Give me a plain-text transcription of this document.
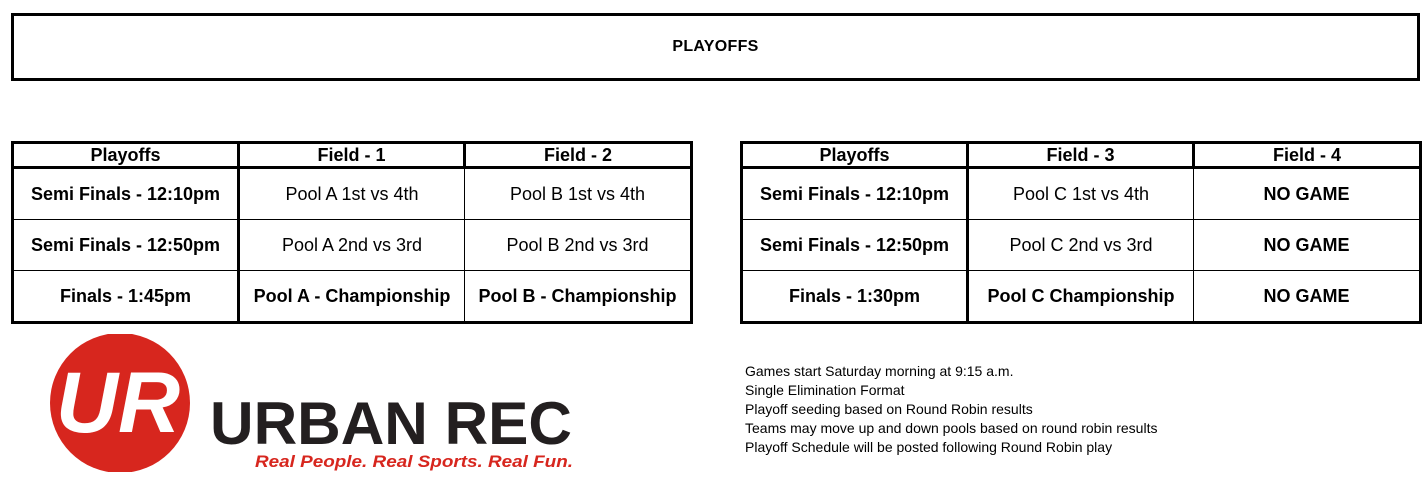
PLAYOFFS
Playoffs	Field - 1	Field - 2
Semi Finals - 12:10pm	Pool A 1st vs 4th	Pool B 1st vs 4th
Semi Finals - 12:50pm	Pool A 2nd vs 3rd	Pool B 2nd vs 3rd
Finals - 1:45pm	Pool A - Championship	Pool B - Championship
Playoffs	Field - 3	Field - 4
Semi Finals - 12:10pm	Pool C 1st vs 4th	NO GAME
Semi Finals - 12:50pm	Pool C 2nd vs 3rd	NO GAME
Finals - 1:30pm	Pool C Championship	NO GAME
UR URBAN REC
Real People. Real Sports. Real Fun.
Games start Saturday morning at 9:15 a.m.
Single Elimination Format
Playoff seeding based on Round Robin results
Teams may move up and down pools based on round robin results
Playoff Schedule will be posted following Round Robin play
